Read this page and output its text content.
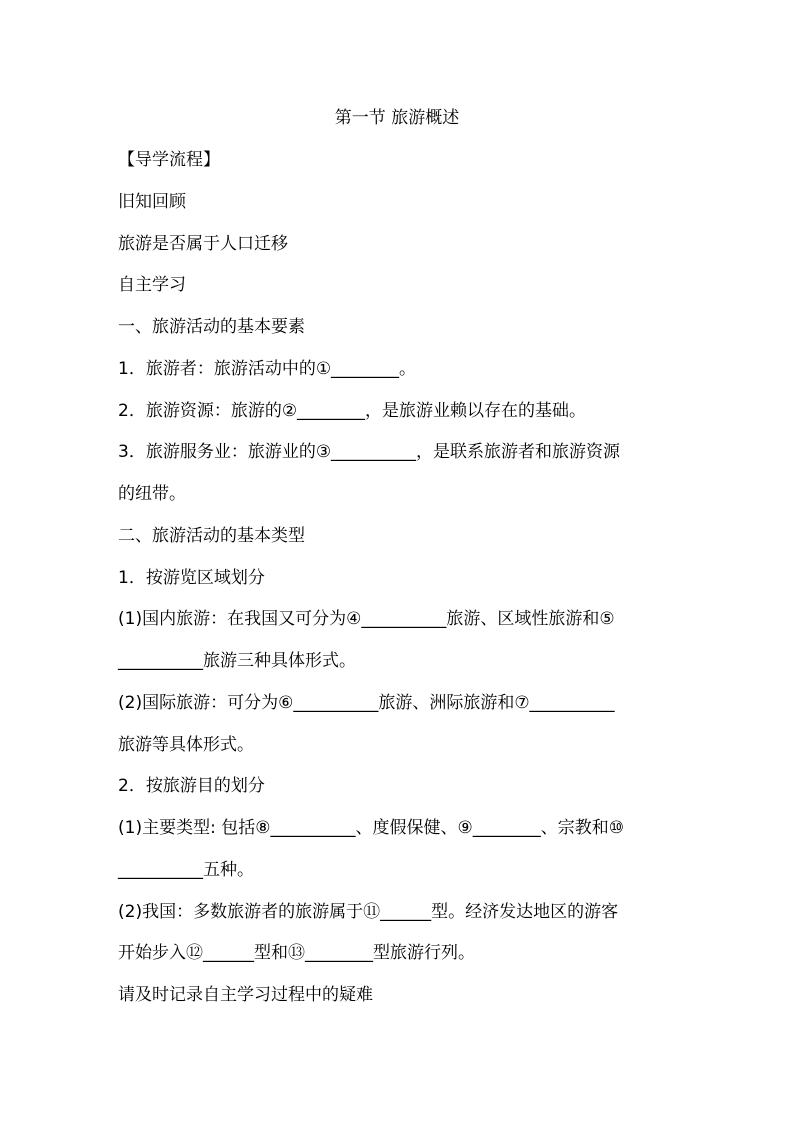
第一节 旅游概述
【导学流程】
旧知回顾
旅游是否属于人口迁移
自主学习
一、旅游活动的基本要素
1．旅游者：旅游活动中的①________。
2．旅游资源：旅游的②________，是旅游业赖以存在的基础。
3．旅游服务业：旅游业的③__________，是联系旅游者和旅游资源
的纽带。
二、旅游活动的基本类型
1．按游览区域划分
(1)国内旅游：在我国又可分为④__________旅游、区域性旅游和⑤
__________旅游三种具体形式。
(2)国际旅游：可分为⑥__________旅游、洲际旅游和⑦__________
旅游等具体形式。
2．按旅游目的划分
(1)主要类型: 包括⑧__________、度假保健、⑨________、宗教和⑩
__________五种。
(2)我国：多数旅游者的旅游属于⑪______型。经济发达地区的游客
开始步入⑫______型和⑬________型旅游行列。
请及时记录自主学习过程中的疑难
